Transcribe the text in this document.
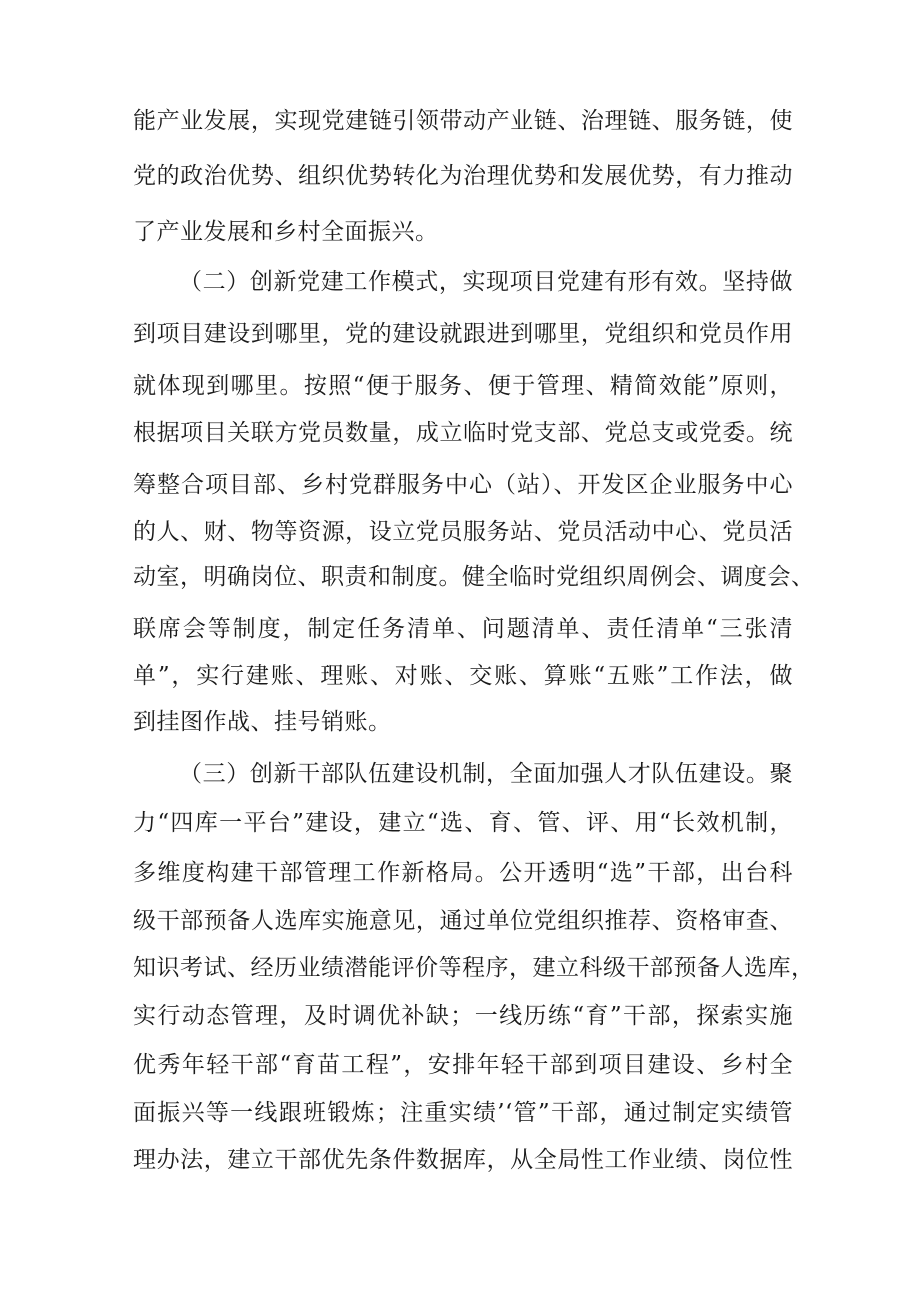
能产业发展，实现党建链引领带动产业链、治理链、服务链，使
党的政治优势、组织优势转化为治理优势和发展优势，有力推动
了产业发展和乡村全面振兴。
（二）创新党建工作模式，实现项目党建有形有效。坚持做
到项目建设到哪里，党的建设就跟进到哪里，党组织和党员作用
就体现到哪里。按照“便于服务、便于管理、精简效能”原则，
根据项目关联方党员数量，成立临时党支部、党总支或党委。统
筹整合项目部、乡村党群服务中心（站）、开发区企业服务中心
的人、财、物等资源，设立党员服务站、党员活动中心、党员活
动室，明确岗位、职责和制度。健全临时党组织周例会、调度会、
联席会等制度，制定任务清单、问题清单、责任清单“三张清
单”，实行建账、理账、对账、交账、算账“五账”工作法，做
到挂图作战、挂号销账。
（三）创新干部队伍建设机制，全面加强人才队伍建设。聚
力“四库一平台”建设，建立“选、育、管、评、用“长效机制，
多维度构建干部管理工作新格局。公开透明“选”干部，出台科
级干部预备人选库实施意见，通过单位党组织推荐、资格审查、
知识考试、经历业绩潜能评价等程序，建立科级干部预备人选库，
实行动态管理，及时调优补缺；一线历练“育”干部，探索实施
优秀年轻干部“育苗工程”，安排年轻干部到项目建设、乡村全
面振兴等一线跟班锻炼；注重实绩’‘管”干部，通过制定实绩管
理办法，建立干部优先条件数据库，从全局性工作业绩、岗位性
